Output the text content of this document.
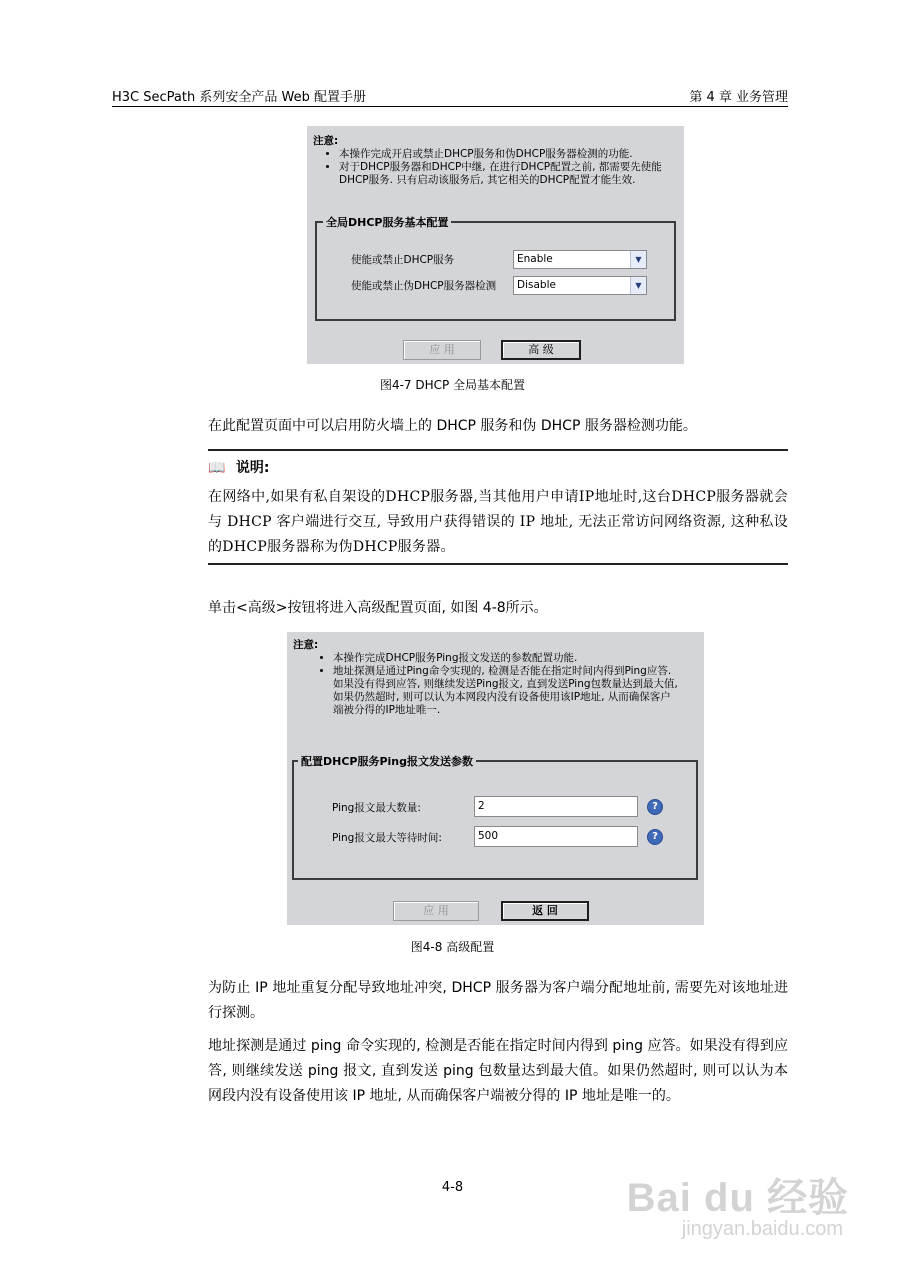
H3C SecPath 系列安全产品 Web 配置手册	第 4 章 业务管理
注意:
• 本操作完成开启或禁止DHCP服务和伪DHCP服务器检测的功能.
• 对于DHCP服务器和DHCP中继, 在进行DHCP配置之前, 都需要先使能DHCP服务. 只有启动该服务后, 其它相关的DHCP配置才能生效.
全局DHCP服务基本配置
使能或禁止DHCP服务	Enable	▼
使能或禁止伪DHCP服务器检测	Disable	▼
应 用	高 级
图4-7 DHCP 全局基本配置
在此配置页面中可以启用防火墙上的 DHCP 服务和伪 DHCP 服务器检测功能。
📖 说明:
在网络中,如果有私自架设的DHCP服务器,当其他用户申请IP地址时,这台DHCP服务器就会与 DHCP 客户端进行交互, 导致用户获得错误的 IP 地址, 无法正常访问网络资源, 这种私设的DHCP服务器称为伪DHCP服务器。
单击<高级>按钮将进入高级配置页面, 如图 4-8所示。
注意:
• 本操作完成DHCP服务Ping报文发送的参数配置功能.
• 地址探测是通过Ping命令实现的, 检测是否能在指定时间内得到Ping应答. 如果没有得到应答, 则继续发送Ping报文, 直到发送Ping包数量达到最大值, 如果仍然超时, 则可以认为本网段内没有设备使用该IP地址, 从而确保客户端被分得的IP地址唯一.
配置DHCP服务Ping报文发送参数
Ping报文最大数量:	2	?
Ping报文最大等待时间:	500	?
应 用	返 回
图4-8 高级配置
为防止 IP 地址重复分配导致地址冲突, DHCP 服务器为客户端分配地址前, 需要先对该地址进行探测。
地址探测是通过 ping 命令实现的, 检测是否能在指定时间内得到 ping 应答。如果没有得到应答, 则继续发送 ping 报文, 直到发送 ping 包数量达到最大值。如果仍然超时, 则可以认为本网段内没有设备使用该 IP 地址, 从而确保客户端被分得的 IP 地址是唯一的。
4-8	Bai du 经验
jingyan.baidu.com
